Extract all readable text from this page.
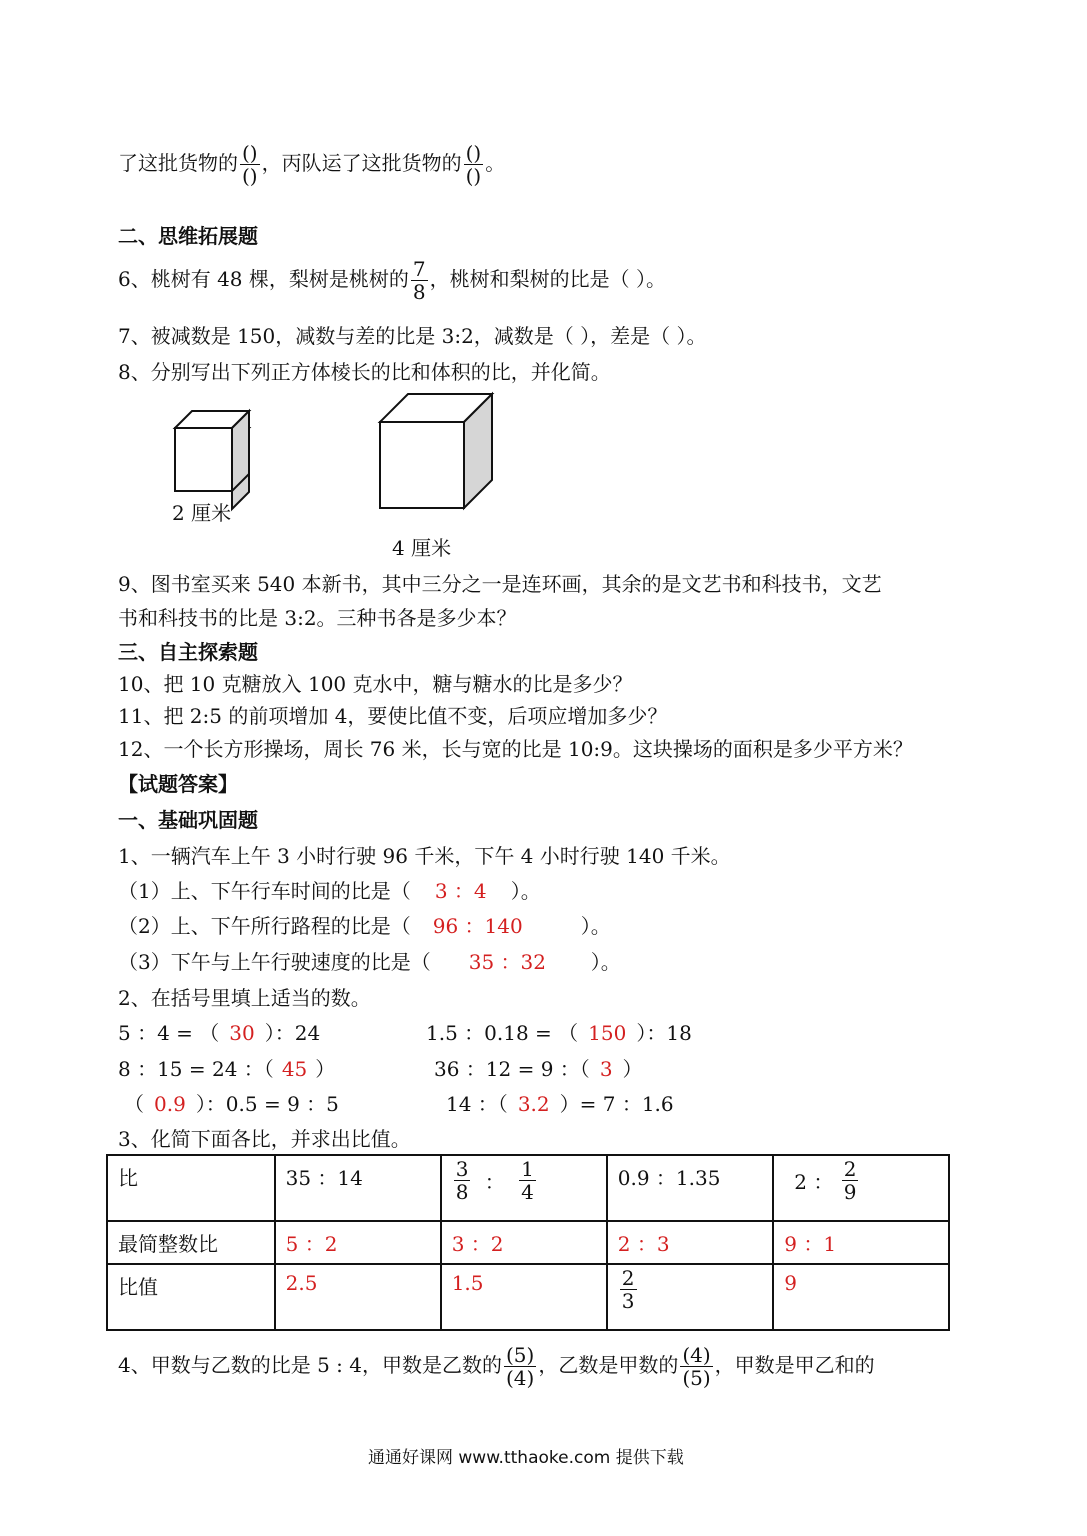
了这批货物的 $\frac{()}{()}$ ，丙队运了这批货物的 $\frac{()}{()}$ 。
二、思维拓展题
6、桃树有 48 棵，梨树是桃树的 $\frac{7}{8}$ ，桃树和梨树的比是（ ）。
7、被减数是 150，减数与差的比是 3:2，减数是（ ），差是（ ）。
8、分别写出下列正方体棱长的比和体积的比，并化简。
2 厘米
4 厘米
9、图书室买来 540 本新书，其中三分之一是连环画，其余的是文艺书和科技书，文艺
书和科技书的比是 3:2。三种书各是多少本？
三、自主探索题
10、把 10 克糖放入 100 克水中，糖与糖水的比是多少？
11、把 2:5 的前项增加 4，要使比值不变，后项应增加多少？
12、一个长方形操场，周长 76 米，长与宽的比是 10:9。这块操场的面积是多少平方米？
【试题答案】
一、基础巩固题
1、一辆汽车上午 3 小时行驶 96 千米，下午 4 小时行驶 140 千米。
（1）上、下午行车时间的比是（ 3 ：4 ）。
（2）上、下午所行路程的比是（ 96 ：140	）。
（3）下午与上午行驶速度的比是（ 35 ：32 ）。
2、在括号里填上适当的数。
5 ：4 = （ 30 ）：24	1.5 ：0.18 = （ 150 ）：18
8 ：15 = 24 ：（ 45 ）	36 ：12 = 9 ：（ 3 ）
（ 0.9 ）：0.5 = 9 ：5	14 ：（ 3.2 ）= 7 ：1.6
3、化简下面各比，并求出比值。
比	35 ：14	$\frac{3}{8}$ ： $\frac{1}{4}$	0.9 ：1.35	2 ： $\frac{2}{9}$

最简整数比	5 ：2	3 ：2	2 ：3	9 ：1
比值	2.5	1.5	$\frac{2}{3}$	9
4、甲数与乙数的比是 5 : 4，甲数是乙数的 $\frac{(5)}{(4)}$ ，乙数是甲数的 $\frac{(4)}{(5)}$ ，甲数是甲乙和的
通通好课网 www.tthaoke.com 提供下载
